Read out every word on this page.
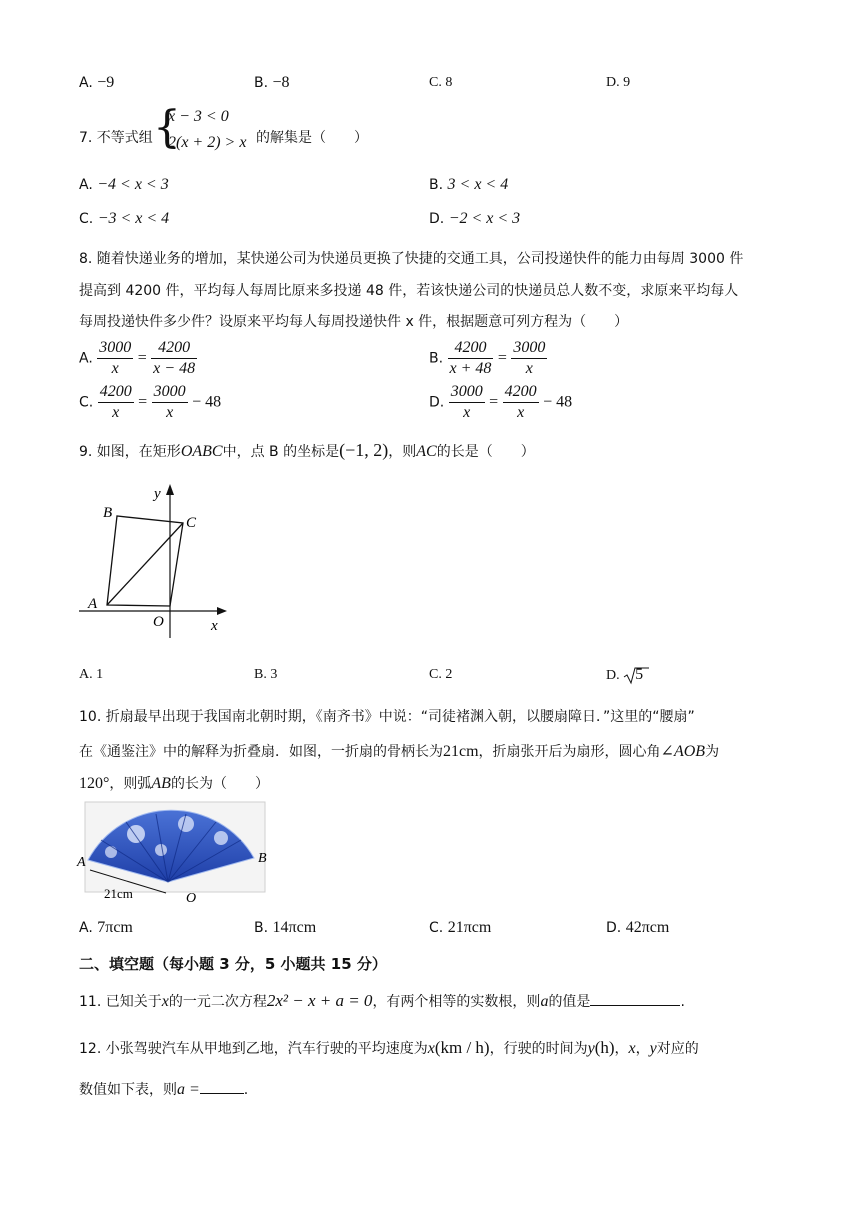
A. −9	B. −8	C. 8	D. 9
7. 不等式组 {
x − 3 < 0
2(x + 2) > x 的解集是（　　）
A. −4 < x < 3	B. 3 < x < 4
C. −3 < x < 4	D. −2 < x < 3
8. 随着快递业务的增加，某快递公司为快递员更换了快捷的交通工具，公司投递快件的能力由每周 3000 件
提高到 4200 件，平均每人每周比原来多投递 48 件，若该快递公司的快递员总人数不变，求原来平均每人
每周投递快件多少件？设原来平均每人每周投递快件 x 件，根据题意可列方程为（　　）
A. $\frac{3000}{x} = \frac{4200}{x - 48}$	B. $\frac{4200}{x + 48} = \frac{3000}{x}$
C. $\frac{4200}{x} = \frac{3000}{x} - 48$	D. $\frac{3000}{x} = \frac{4200}{x} - 48$
9. 如图，在矩形OABC中，点 B 的坐标是(−1, 2)，则AC的长是（　　）
y
x
O
A
B
C
A. 1	B. 3	C. 2	D. 5
10. 折扇最早出现于我国南北朝时期，《南齐书》中说：“司徒褚渊入朝，以腰扇障日．”这里的“腰扇”
在《通鉴注》中的解释为折叠扇．如图，一折扇的骨柄长为21cm，折扇张开后为扇形，圆心角∠AOB为
120°，则弧AB的长为（　　）
A	B
O
21cm
A. 7πcm	B. 14πcm	C. 21πcm	D. 42πcm
二、填空题（每小题 3 分，5 小题共 15 分）
11. 已知关于x的一元二次方程2x² − x + a = 0，有两个相等的实数根，则a的值是	.
12. 小张驾驶汽车从甲地到乙地，汽车行驶的平均速度为x(km / h)，行驶的时间为y(h)，x，y对应的
数值如下表，则a =	.
